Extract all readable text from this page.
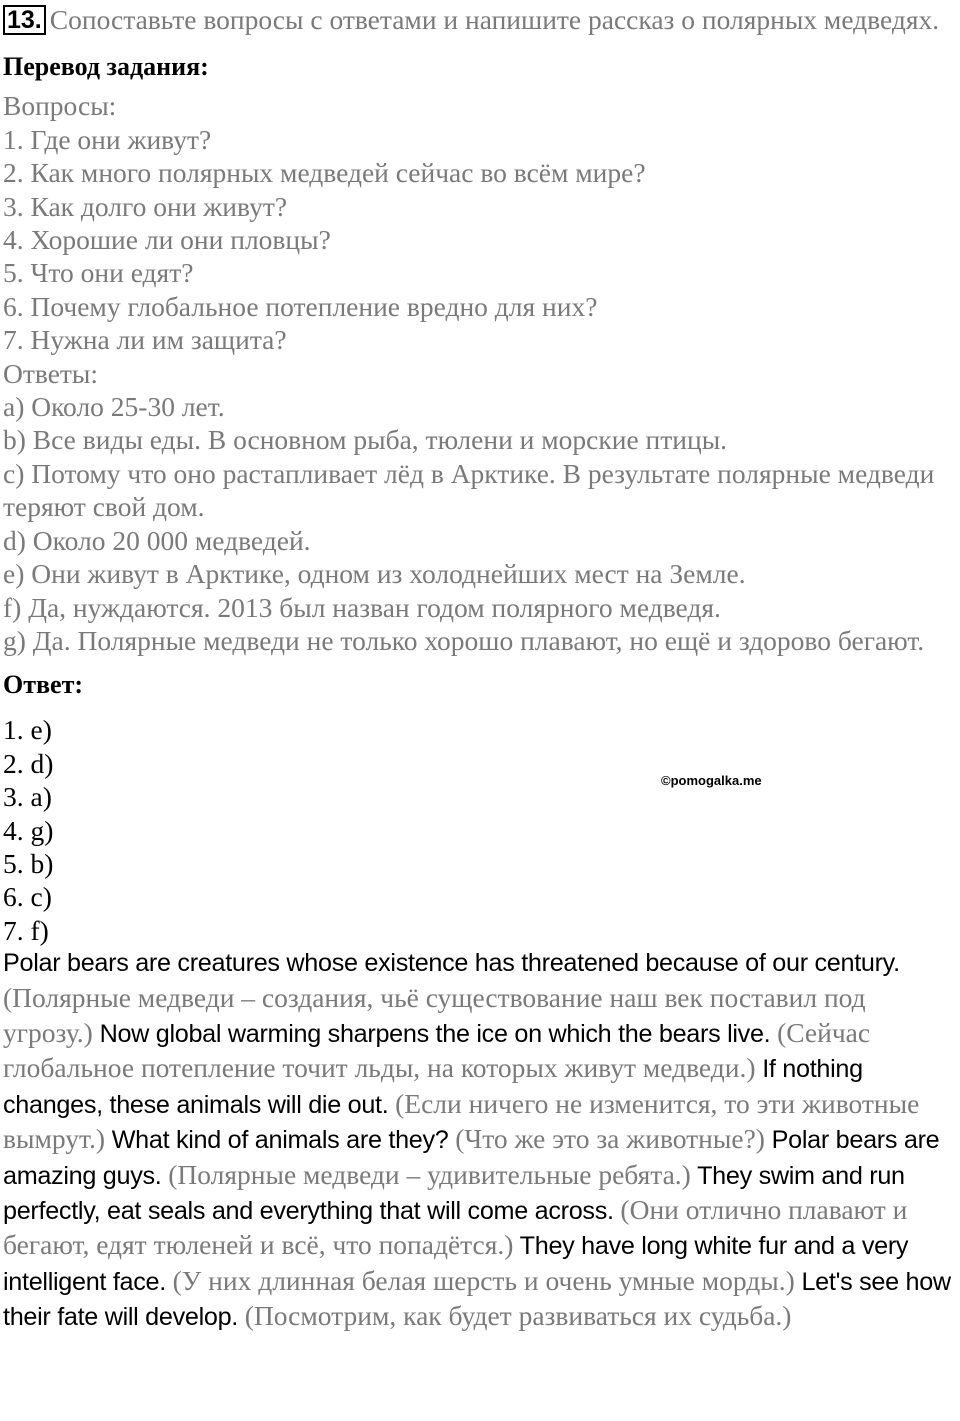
13. Сопоставьте вопросы с ответами и напишите рассказ о полярных медведях.
Перевод задания:
Вопросы:
1. Где они живут?
2. Как много полярных медведей сейчас во всём мире?
3. Как долго они живут?
4. Хорошие ли они пловцы?
5. Что они едят?
6. Почему глобальное потепление вредно для них?
7. Нужна ли им защита?
Ответы:
a) Около 25-30 лет.
b) Все виды еды. В основном рыба, тюлени и морские птицы.
c) Потому что оно растапливает лёд в Арктике. В результате полярные медведи теряют свой дом.
d) Около 20 000 медведей.
e) Они живут в Арктике, одном из холоднейших мест на Земле.
f) Да, нуждаются. 2013 был назван годом полярного медведя.
g) Да. Полярные медведи не только хорошо плавают, но ещё и здорово бегают.
Ответ:
1. e)
2. d)
3. a)
4. g)
5. b)
6. c)
7. f)
Polar bears are creatures whose existence has threatened because of our century. (Полярные медведи – создания, чьё существование наш век поставил под угрозу.) Now global warming sharpens the ice on which the bears live. (Сейчас глобальное потепление точит льды, на которых живут медведи.) If nothing changes, these animals will die out. (Если ничего не изменится, то эти животные вымрут.) What kind of animals are they? (Что же это за животные?) Polar bears are amazing guys. (Полярные медведи – удивительные ребята.) They swim and run perfectly, eat seals and everything that will come across. (Они отлично плавают и бегают, едят тюленей и всё, что попадётся.) They have long white fur and a very intelligent face. (У них длинная белая шерсть и очень умные морды.) Let's see how their fate will develop. (Посмотрим, как будет развиваться их судьба.)
©pomogalka.me
